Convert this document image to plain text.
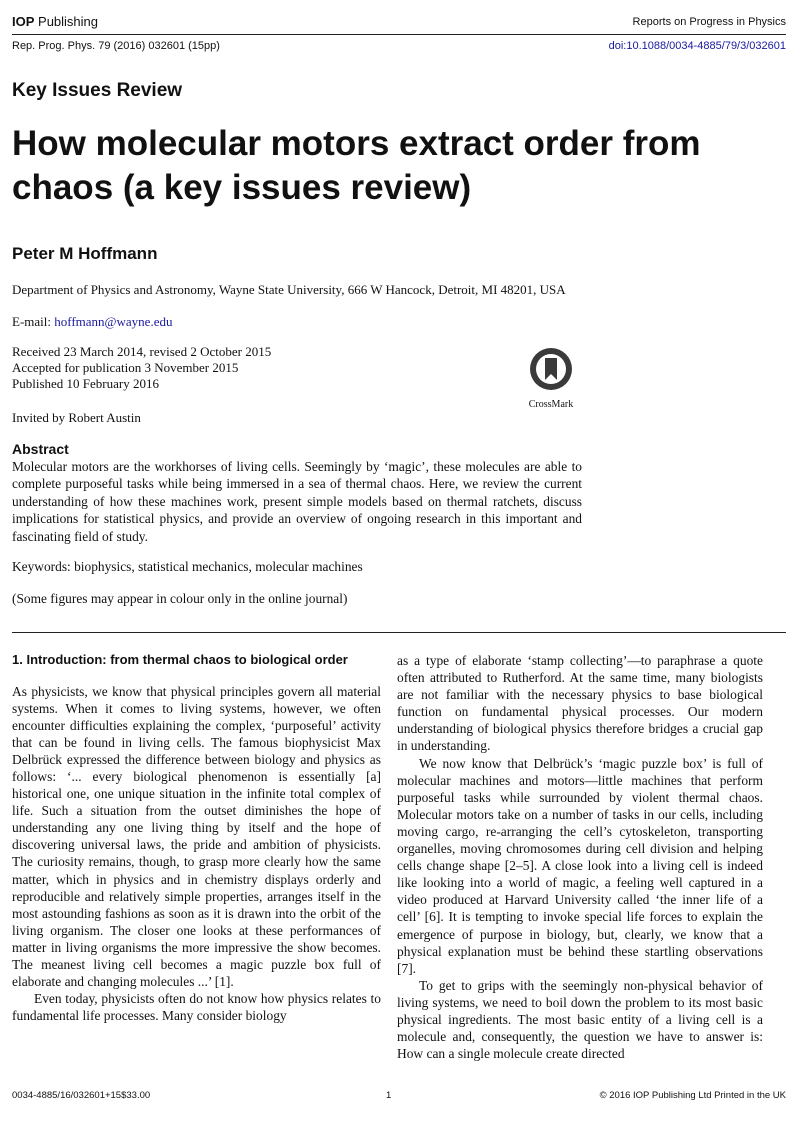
IOP Publishing	Reports on Progress in Physics
Rep. Prog. Phys. 79 (2016) 032601 (15pp)	doi:10.1088/0034-4885/79/3/032601
Key Issues Review
How molecular motors extract order from chaos (a key issues review)
Peter M Hoffmann
Department of Physics and Astronomy, Wayne State University, 666 W Hancock, Detroit, MI 48201, USA
E-mail: hoffmann@wayne.edu
Received 23 March 2014, revised 2 October 2015
Accepted for publication 3 November 2015
Published 10 February 2016
Invited by Robert Austin
CrossMark
Abstract
Molecular motors are the workhorses of living cells. Seemingly by ‘magic’, these molecules are able to complete purposeful tasks while being immersed in a sea of thermal chaos. Here, we review the current understanding of how these machines work, present simple models based on thermal ratchets, discuss implications for statistical physics, and provide an overview of ongoing research in this important and fascinating field of study.
Keywords: biophysics, statistical mechanics, molecular machines
(Some figures may appear in colour only in the online journal)

1. Introduction: from thermal chaos to biological order

As physicists, we know that physical principles govern all material systems. When it comes to living systems, however, we often encounter difficulties explaining the complex, ‘purposeful’ activity that can be found in living cells. The famous biophysicist Max Delbrück expressed the difference between biology and physics as follows: ‘... every biological phenomenon is essentially [a] historical one, one unique situation in the infinite total complex of life. Such a situation from the outset diminishes the hope of understanding any one living thing by itself and the hope of discovering universal laws, the pride and ambition of physicists. The curiosity remains, though, to grasp more clearly how the same matter, which in physics and in chemistry displays orderly and reproducible and relatively simple properties, arranges itself in the most astounding fashions as soon as it is drawn into the orbit of the living organism. The closer one looks at these performances of matter in living organisms the more impressive the show becomes. The meanest living cell becomes a magic puzzle box full of elaborate and changing molecules ...’ [1].

Even today, physicists often do not know how physics relates to fundamental life processes. Many consider biology

as a type of elaborate ‘stamp collecting’—to paraphrase a quote often attributed to Rutherford. At the same time, many biologists are not familiar with the necessary physics to base biological function on fundamental physical processes. Our modern understanding of biological physics therefore bridges a crucial gap in understanding.

We now know that Delbrück’s ‘magic puzzle box’ is full of molecular machines and motors—little machines that perform purposeful tasks while surrounded by violent thermal chaos. Molecular motors take on a number of tasks in our cells, including moving cargo, re-arranging the cell’s cytoskeleton, transporting organelles, moving chromosomes during cell division and helping cells change shape [2–5]. A close look into a living cell is indeed like looking into a world of magic, a feeling well captured in a video produced at Harvard University called ‘the inner life of a cell’ [6]. It is tempting to invoke special life forces to explain the emergence of purpose in biology, but, clearly, we know that a physical explanation must be behind these startling observations [7].

To get to grips with the seemingly non-physical behavior of living systems, we need to boil down the problem to its most basic physical ingredients. The most basic entity of a living cell is a molecule and, consequently, the question we have to answer is: How can a single molecule create directed

0034-4885/16/032601+15$33.00	1	© 2016 IOP Publishing Ltd Printed in the UK
